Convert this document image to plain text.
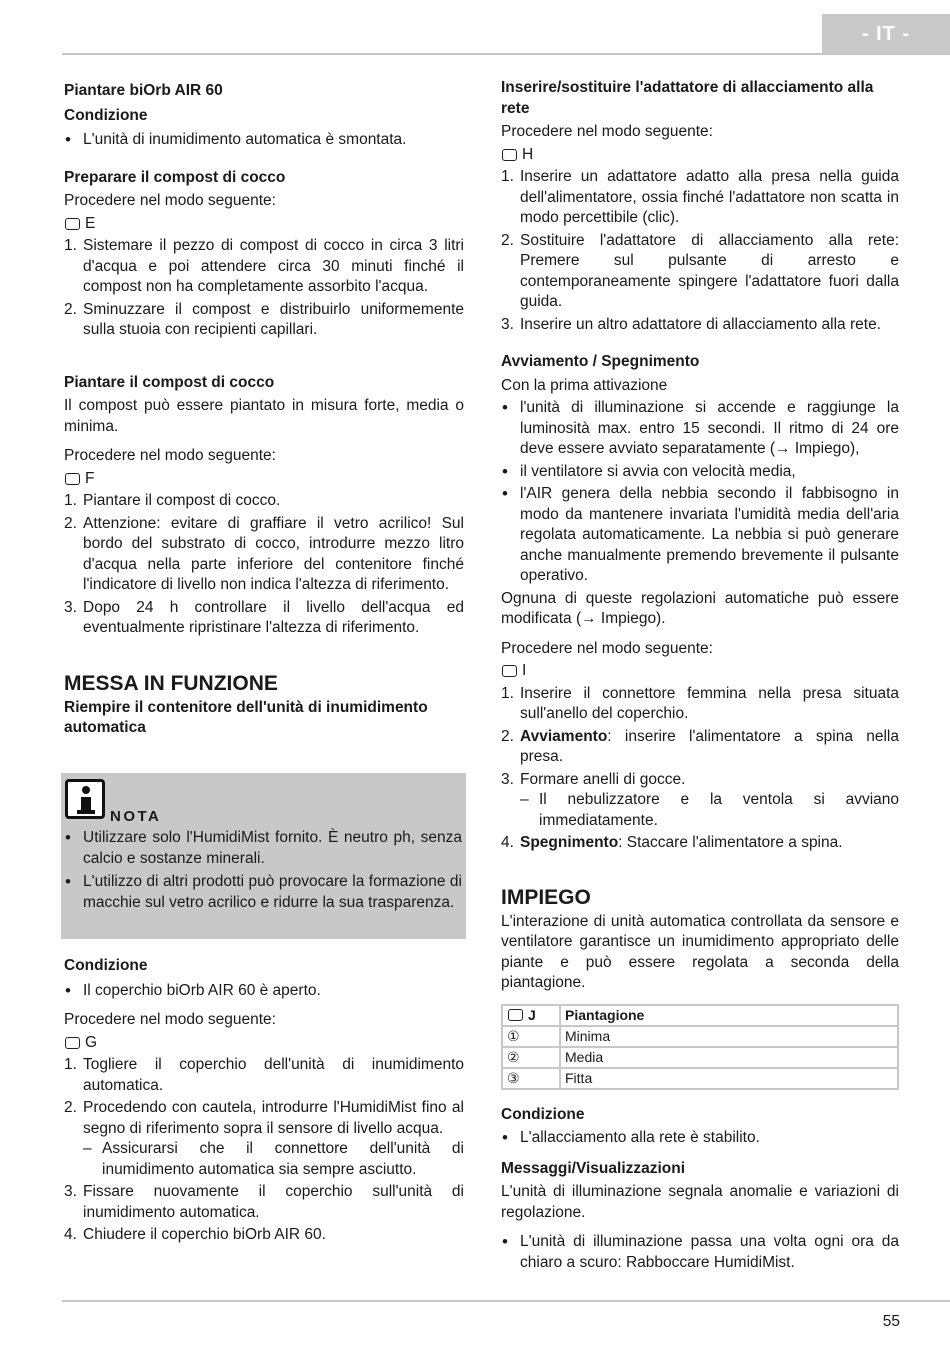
- IT -
Piantare biOrb AIR 60
Condizione
• L'unità di inumidimento automatica è smontata.
Preparare il compost di cocco
Procedere nel modo seguente:
E
1. Sistemare il pezzo di compost di cocco in circa 3 litri d'acqua e poi attendere circa 30 minuti finché il compost non ha completamente assorbito l'acqua.
2. Sminuzzare il compost e distribuirlo uniformemente sulla stuoia con recipienti capillari.
Piantare il compost di cocco
Il compost può essere piantato in misura forte, media o minima.
Procedere nel modo seguente:
F
1. Piantare il compost di cocco.
2. Attenzione: evitare di graffiare il vetro acrilico! Sul bordo del substrato di cocco, introdurre mezzo litro d'acqua nella parte inferiore del contenitore finché l'indicatore di livello non indica l'altezza di riferimento.
3. Dopo 24 h controllare il livello dell'acqua ed eventualmente ripristinare l'altezza di riferimento.
MESSA IN FUNZIONE
Riempire il contenitore dell'unità di inumidimento automatica
NOTA
• Utilizzare solo l'HumidiMist fornito. È neutro ph, senza calcio e sostanze minerali.
• L'utilizzo di altri prodotti può provocare la formazione di macchie sul vetro acrilico e ridurre la sua trasparenza.
Condizione
• Il coperchio biOrb AIR 60 è aperto.
Procedere nel modo seguente:
G
1. Togliere il coperchio dell'unità di inumidimento automatica.
2. Procedendo con cautela, introdurre l'HumidiMist fino al segno di riferimento sopra il sensore di livello acqua.
– Assicurarsi che il connettore dell'unità di inumidimento automatica sia sempre asciutto.
3. Fissare nuovamente il coperchio sull'unità di inumidimento automatica.
4. Chiudere il coperchio biOrb AIR 60.
Inserire/sostituire l'adattatore di allacciamento alla rete
Procedere nel modo seguente:
H
1. Inserire un adattatore adatto alla presa nella guida dell'alimentatore, ossia finché l'adattatore non scatta in modo percettibile (clic).
2. Sostituire l'adattatore di allacciamento alla rete: Premere sul pulsante di arresto e contemporaneamente spingere l'adattatore fuori dalla guida.
3. Inserire un altro adattatore di allacciamento alla rete.
Avviamento / Spegnimento
Con la prima attivazione
• l'unità di illuminazione si accende e raggiunge la luminosità max. entro 15 secondi. Il ritmo di 24 ore deve essere avviato separatamente (→ Impiego),
• il ventilatore si avvia con velocità media,
• l'AIR genera della nebbia secondo il fabbisogno in modo da mantenere invariata l'umidità media dell'aria regolata automaticamente. La nebbia si può generare anche manualmente premendo brevemente il pulsante operativo.
Ognuna di queste regolazioni automatiche può essere modificata (→ Impiego).
Procedere nel modo seguente:
I
1. Inserire il connettore femmina nella presa situata sull'anello del coperchio.
2. Avviamento: inserire l'alimentatore a spina nella presa.
3. Formare anelli di gocce.
– Il nebulizzatore e la ventola si avviano immediatamente.
4. Spegnimento: Staccare l'alimentatore a spina.
IMPIEGO
L'interazione di unità automatica controllata da sensore e ventilatore garantisce un inumidimento appropriato delle piante e può essere regolata a seconda della piantagione.
J	Piantagione
①	Minima
②	Media
③	Fitta
Condizione
• L'allacciamento alla rete è stabilito.
Messaggi/Visualizzazioni
L'unità di illuminazione segnala anomalie e variazioni di regolazione.
• L'unità di illuminazione passa una volta ogni ora da chiaro a scuro: Rabboccare HumidiMist.
55
